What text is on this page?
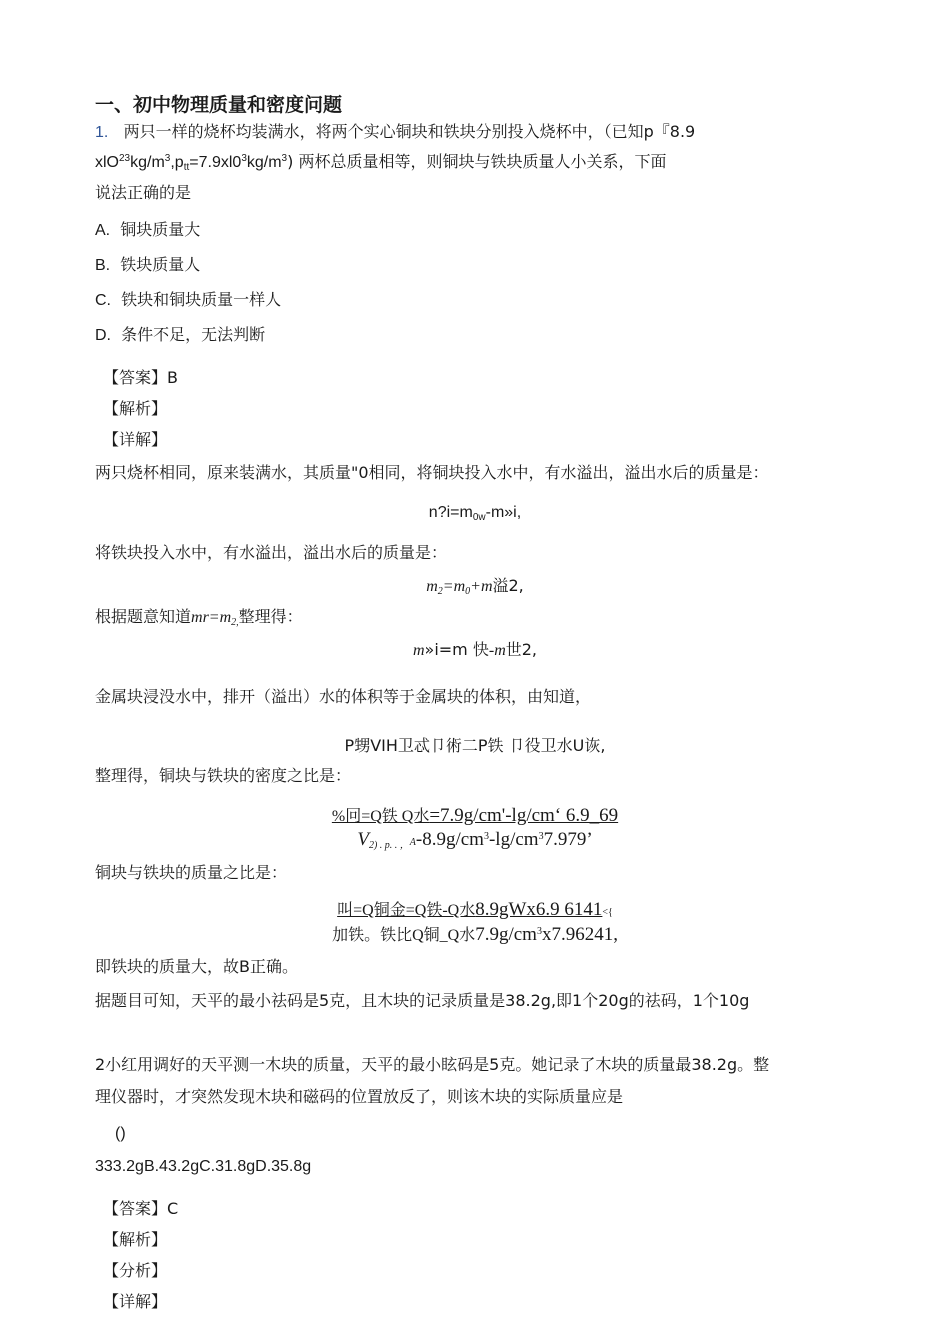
一、初中物理质量和密度问题
1. 两只一样的烧杯均装满水，将两个实心铜块和铁块分别投入烧杯中，（已知p『8.9
$xlO^{23}kg/m^3,p_{tt}=7.9xl0^3kg/m^3$) 两杯总质量相等，则铜块与铁块质量人小关系，下面
说法正确的是
A. 铜块质量大
B. 铁块质量人
C. 铁块和铜块质量一样人
D. 条件不足，无法判断
【答案】B
【解析】
【详解】
两只烧杯相同，原来装满水，其质量"0相同，将铜块投入水中，有水溢出，溢出水后的质量是：
$n?i=m_{0w}-m»i$,
将铁块投入水中，有水溢出，溢出水后的质量是：
$m_2=m_0+m$溢2,
根据题意知道$mr=m_{2,}$整理得：
m»i=m 快-m世2,
金属块浸没水中，排开（溢出）水的体积等于金属块的体积，由知道，
P甥VIH卫忒卩術二P铁 卩役卫水U诙,
整理得，铜块与铁块的密度之比是：
%冋=Q铁 Q水=7.9g/cm'-lg/cm‘ 6.9_69
$V_{2) . p. . ,}A-8.9g/cm^3-\lg/cm^37.979$’
铜块与铁块的质量之比是：
叫=Q铜金=Q铁-Q水8.9gWx6.9 6141<{
加铁。铁比Q铜_Q水$7.9g/cm^3x7.96241$,
即铁块的质量大，故B正确。
据题目可知，天平的最小祛码是5克，且木块的记录质量是38.2g,即1个20g的祛码，1个10g
2小红用调好的天平测一木块的质量，天平的最小眩码是5克。她记录了木块的质量最38.2g。整
理仪器时，才突然发现木块和磁码的位置放反了，则该木块的实际质量应是
()
333.2gB.43.2gC.31.8gD.35.8g
【答案】C
【解析】
【分析】
【详解】
